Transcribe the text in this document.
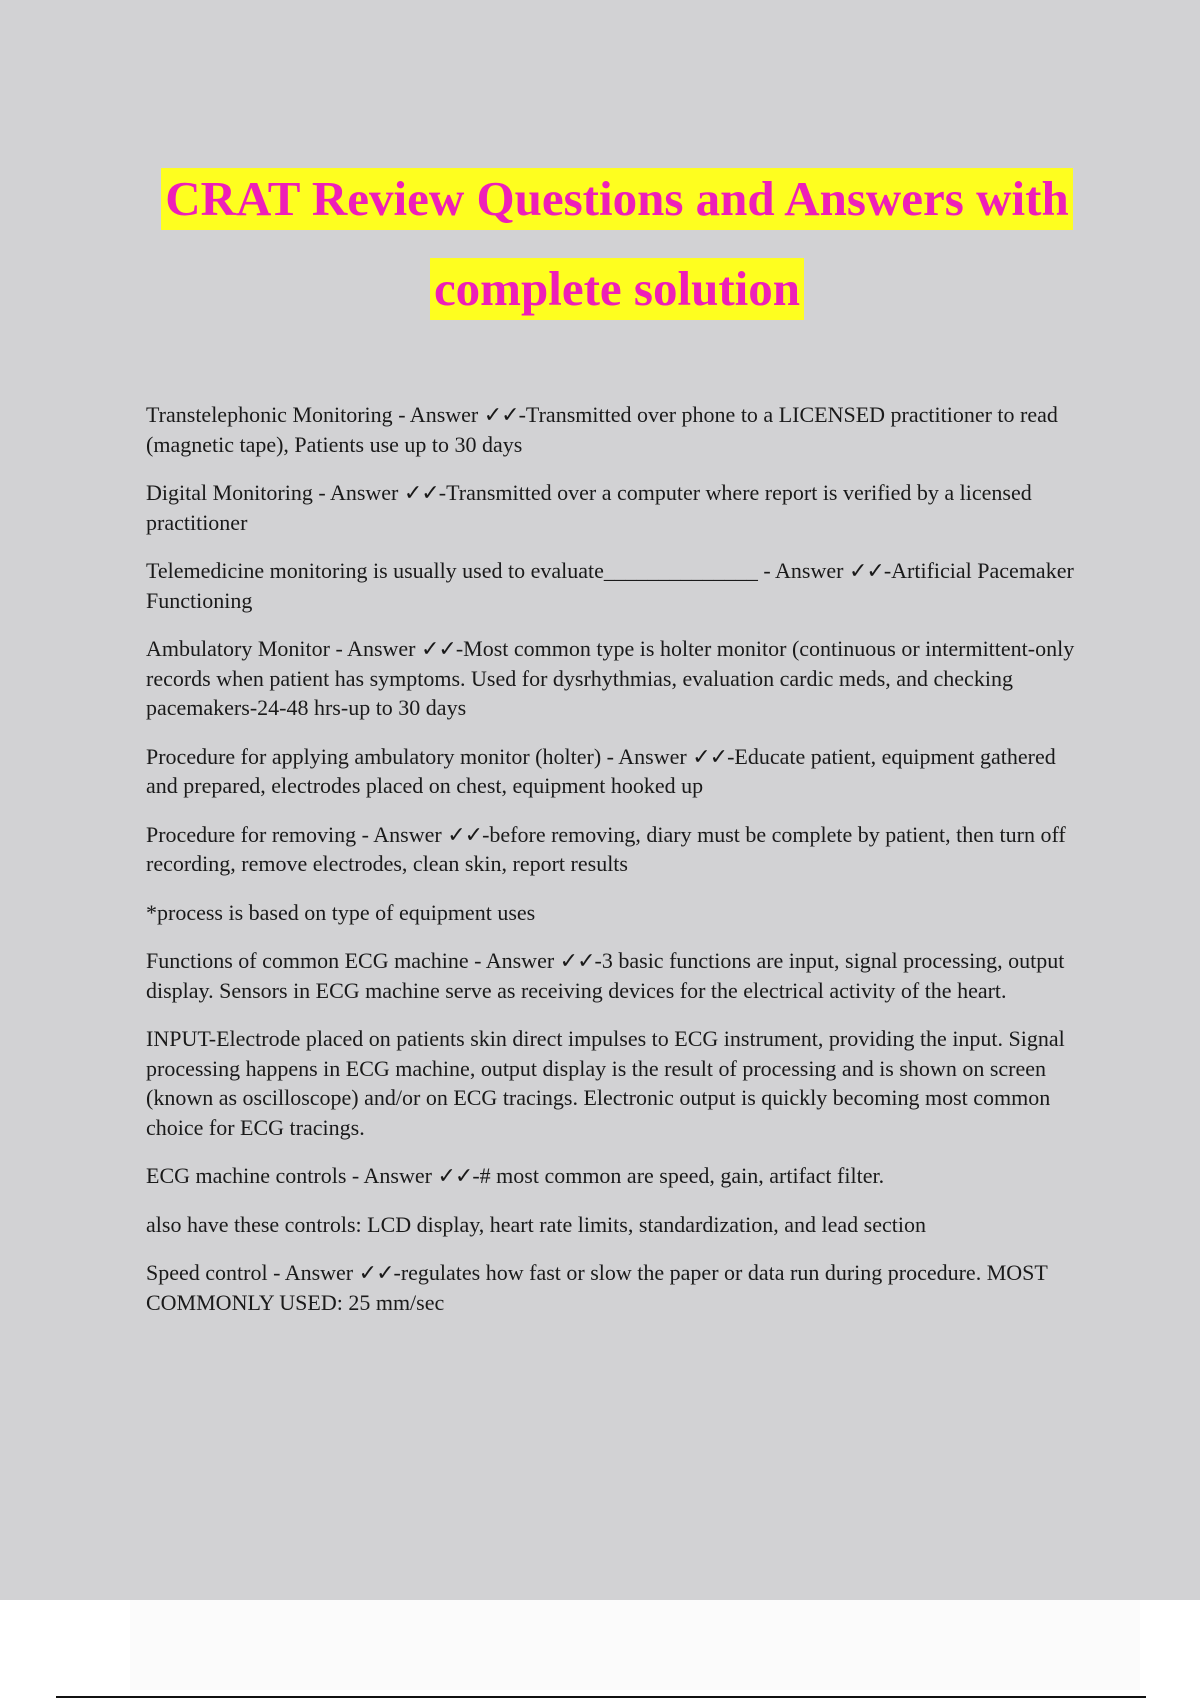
CRAT Review Questions and Answers with
complete solution

Transtelephonic Monitoring - Answer ✓✓-Transmitted over phone to a LICENSED practitioner to read (magnetic tape), Patients use up to 30 days

Digital Monitoring - Answer ✓✓-Transmitted over a computer where report is verified by a licensed practitioner

Telemedicine monitoring is usually used to evaluate______________ - Answer ✓✓-Artificial Pacemaker Functioning

Ambulatory Monitor - Answer ✓✓-Most common type is holter monitor (continuous or intermittent-only records when patient has symptoms. Used for dysrhythmias, evaluation cardic meds, and checking pacemakers-24-48 hrs-up to 30 days

Procedure for applying ambulatory monitor (holter) - Answer ✓✓-Educate patient, equipment gathered and prepared, electrodes placed on chest, equipment hooked up

Procedure for removing - Answer ✓✓-before removing, diary must be complete by patient, then turn off recording, remove electrodes, clean skin, report results

*process is based on type of equipment uses

Functions of common ECG machine - Answer ✓✓-3 basic functions are input, signal processing, output display. Sensors in ECG machine serve as receiving devices for the electrical activity of the heart.

INPUT-Electrode placed on patients skin direct impulses to ECG instrument, providing the input. Signal processing happens in ECG machine, output display is the result of processing and is shown on screen (known as oscilloscope) and/or on ECG tracings. Electronic output is quickly becoming most common choice for ECG tracings.

ECG machine controls - Answer ✓✓-# most common are speed, gain, artifact filter.

also have these controls: LCD display, heart rate limits, standardization, and lead section

Speed control - Answer ✓✓-regulates how fast or slow the paper or data run during procedure. MOST COMMONLY USED: 25 mm/sec
